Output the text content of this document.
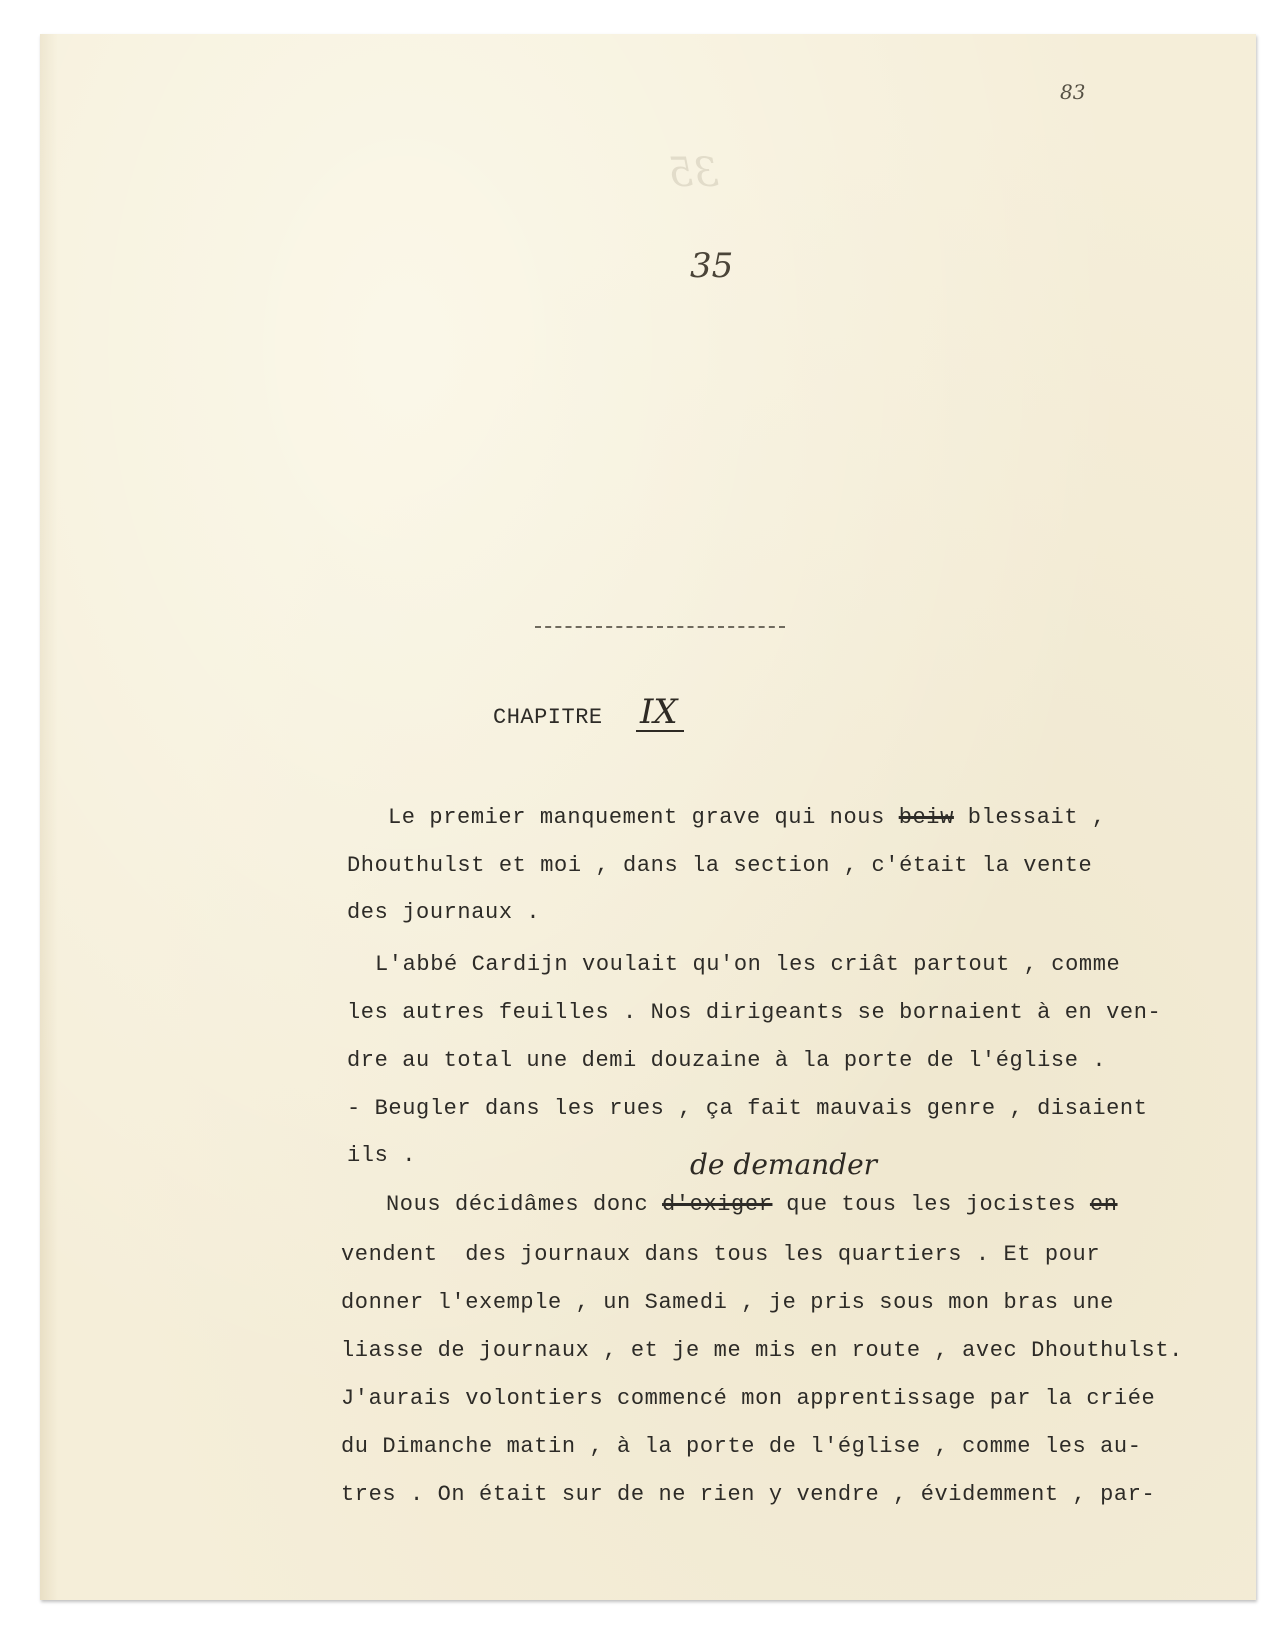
35
83
35
CHAPITRE IX
de demander
Le premier manquement grave qui nous beiw blessait ,
Dhouthulst et moi , dans la section , c'était la vente
des journaux .
L'abbé Cardijn voulait qu'on les criât partout , comme
les autres feuilles . Nos dirigeants se bornaient à en ven-
dre au total une demi douzaine à la porte de l'église .
- Beugler dans les rues , ça fait mauvais genre , disaient
ils .
Nous décidâmes donc d'exiger que tous les jocistes en
vendent  des journaux dans tous les quartiers . Et pour
donner l'exemple , un Samedi , je pris sous mon bras une
liasse de journaux , et je me mis en route , avec Dhouthulst.
J'aurais volontiers commencé mon apprentissage par la criée
du Dimanche matin , à la porte de l'église , comme les au-
tres . On était sur de ne rien y vendre , évidemment , par-
